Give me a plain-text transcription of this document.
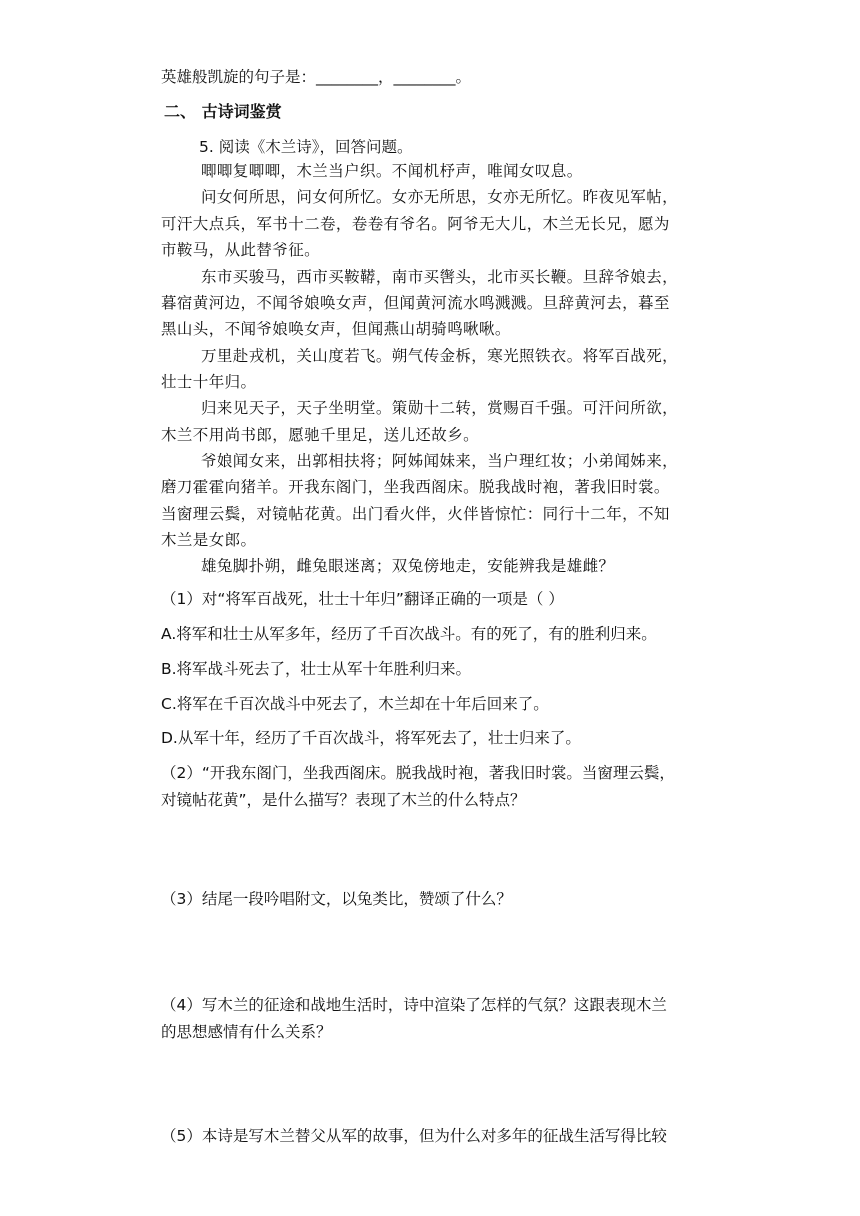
英雄般凯旋的句子是：________，________。
二、 古诗词鉴赏
5. 阅读《木兰诗》，回答问题。
唧唧复唧唧，木兰当户织。不闻机杼声，唯闻女叹息。
问女何所思，问女何所忆。女亦无所思，女亦无所忆。昨夜见军帖，
可汗大点兵，军书十二卷，卷卷有爷名。阿爷无大儿，木兰无长兄，愿为
市鞍马，从此替爷征。
东市买骏马，西市买鞍鞯，南市买辔头，北市买长鞭。旦辞爷娘去，
暮宿黄河边，不闻爷娘唤女声，但闻黄河流水鸣溅溅。旦辞黄河去，暮至
黑山头，不闻爷娘唤女声，但闻燕山胡骑鸣啾啾。
万里赴戎机，关山度若飞。朔气传金柝，寒光照铁衣。将军百战死，
壮士十年归。
归来见天子，天子坐明堂。策勋十二转，赏赐百千强。可汗问所欲，
木兰不用尚书郎，愿驰千里足，送儿还故乡。
爷娘闻女来，出郭相扶将；阿姊闻妹来，当户理红妆；小弟闻姊来，
磨刀霍霍向猪羊。开我东阁门，坐我西阁床。脱我战时袍，著我旧时裳。
当窗理云鬓，对镜帖花黄。出门看火伴，火伴皆惊忙：同行十二年，不知
木兰是女郎。
雄兔脚扑朔，雌兔眼迷离；双兔傍地走，安能辨我是雄雌？
（1）对“将军百战死，壮士十年归”翻译正确的一项是（ ）
A.将军和壮士从军多年，经历了千百次战斗。有的死了，有的胜利归来。
B.将军战斗死去了，壮士从军十年胜利归来。
C.将军在千百次战斗中死去了，木兰却在十年后回来了。
D.从军十年，经历了千百次战斗，将军死去了，壮士归来了。
（2）“开我东阁门，坐我西阁床。脱我战时袍，著我旧时裳。当窗理云鬓，
对镜帖花黄”，是什么描写？表现了木兰的什么特点？
（3）结尾一段吟唱附文，以兔类比，赞颂了什么？
（4）写木兰的征途和战地生活时，诗中渲染了怎样的气氛？这跟表现木兰
的思想感情有什么关系？
（5）本诗是写木兰替父从军的故事，但为什么对多年的征战生活写得比较
